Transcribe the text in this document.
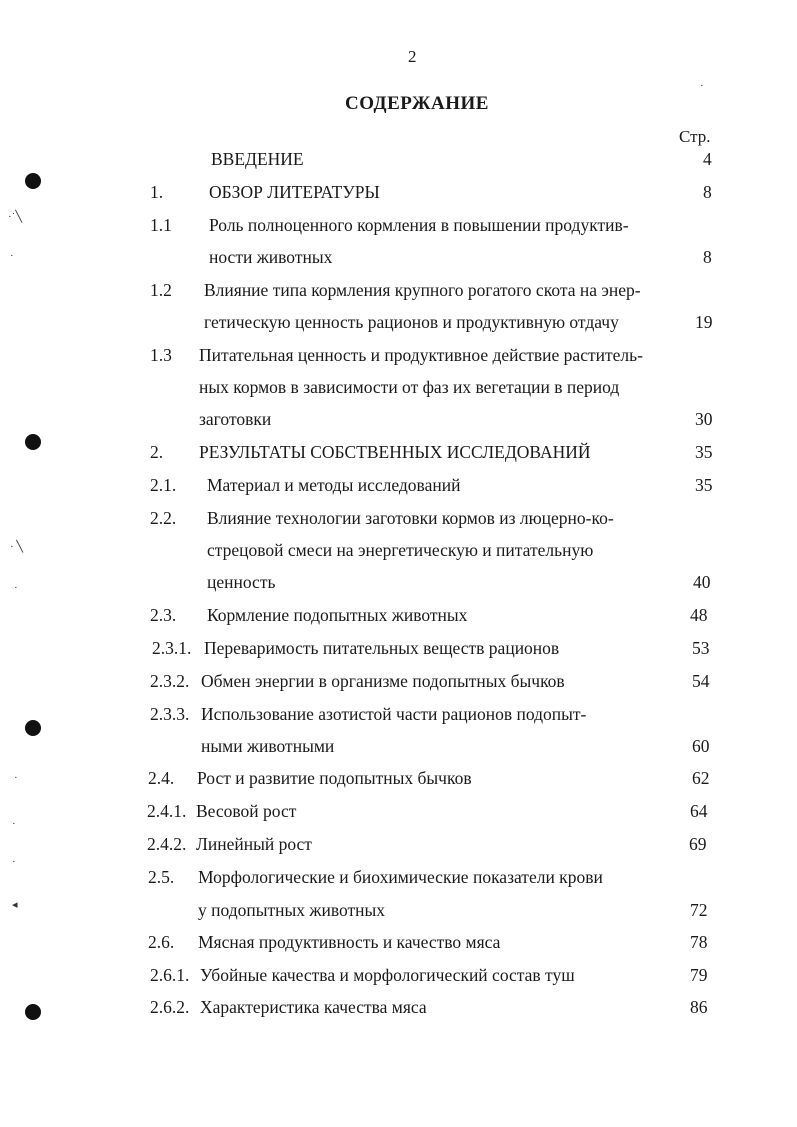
2
СОДЕРЖАНИЕ
Стр.
ВВЕДЕНИЕ	4
1.	ОБЗОР ЛИТЕРАТУРЫ	8
1.1 Роль полноценного кормления в повышении продуктив-
ности животных	8
1.2 Влияние типа кормления крупного рогатого скота на энер-
гетическую ценность рационов и продуктивную отдачу	19
1.3 Питательная ценность и продуктивное действие раститель-
ных кормов в зависимости от фаз их вегетации в период
заготовки	30
2. РЕЗУЛЬТАТЫ СОБСТВЕННЫХ ИССЛЕДОВАНИЙ	35
2.1. Материал и методы исследований	35
2.2. Влияние технологии заготовки кормов из люцерно-ко-
стрецовой смеси на энергетическую и питательную
ценность	40
2.3. Кормление подопытных животных	48
2.3.1. Переваримость питательных веществ рационов	53
2.3.2. Обмен энергии в организме подопытных бычков	54
2.3.3. Использование азотистой части рационов подопыт-
ными животными	60
2.4. Рост и развитие подопытных бычков	62
2.4.1. Весовой рост	64
2.4.2. Линейный рост	69
2.5. Морфологические и биохимические показатели крови
у подопытных животных	72
2.6. Мясная продуктивность и качество мяса	78
2.6.1. Убойные качества и морфологический состав туш	79
2.6.2. Характеристика качества мяса	86
·˙╲
·
· ╲
·
·
·
·
◂
·
